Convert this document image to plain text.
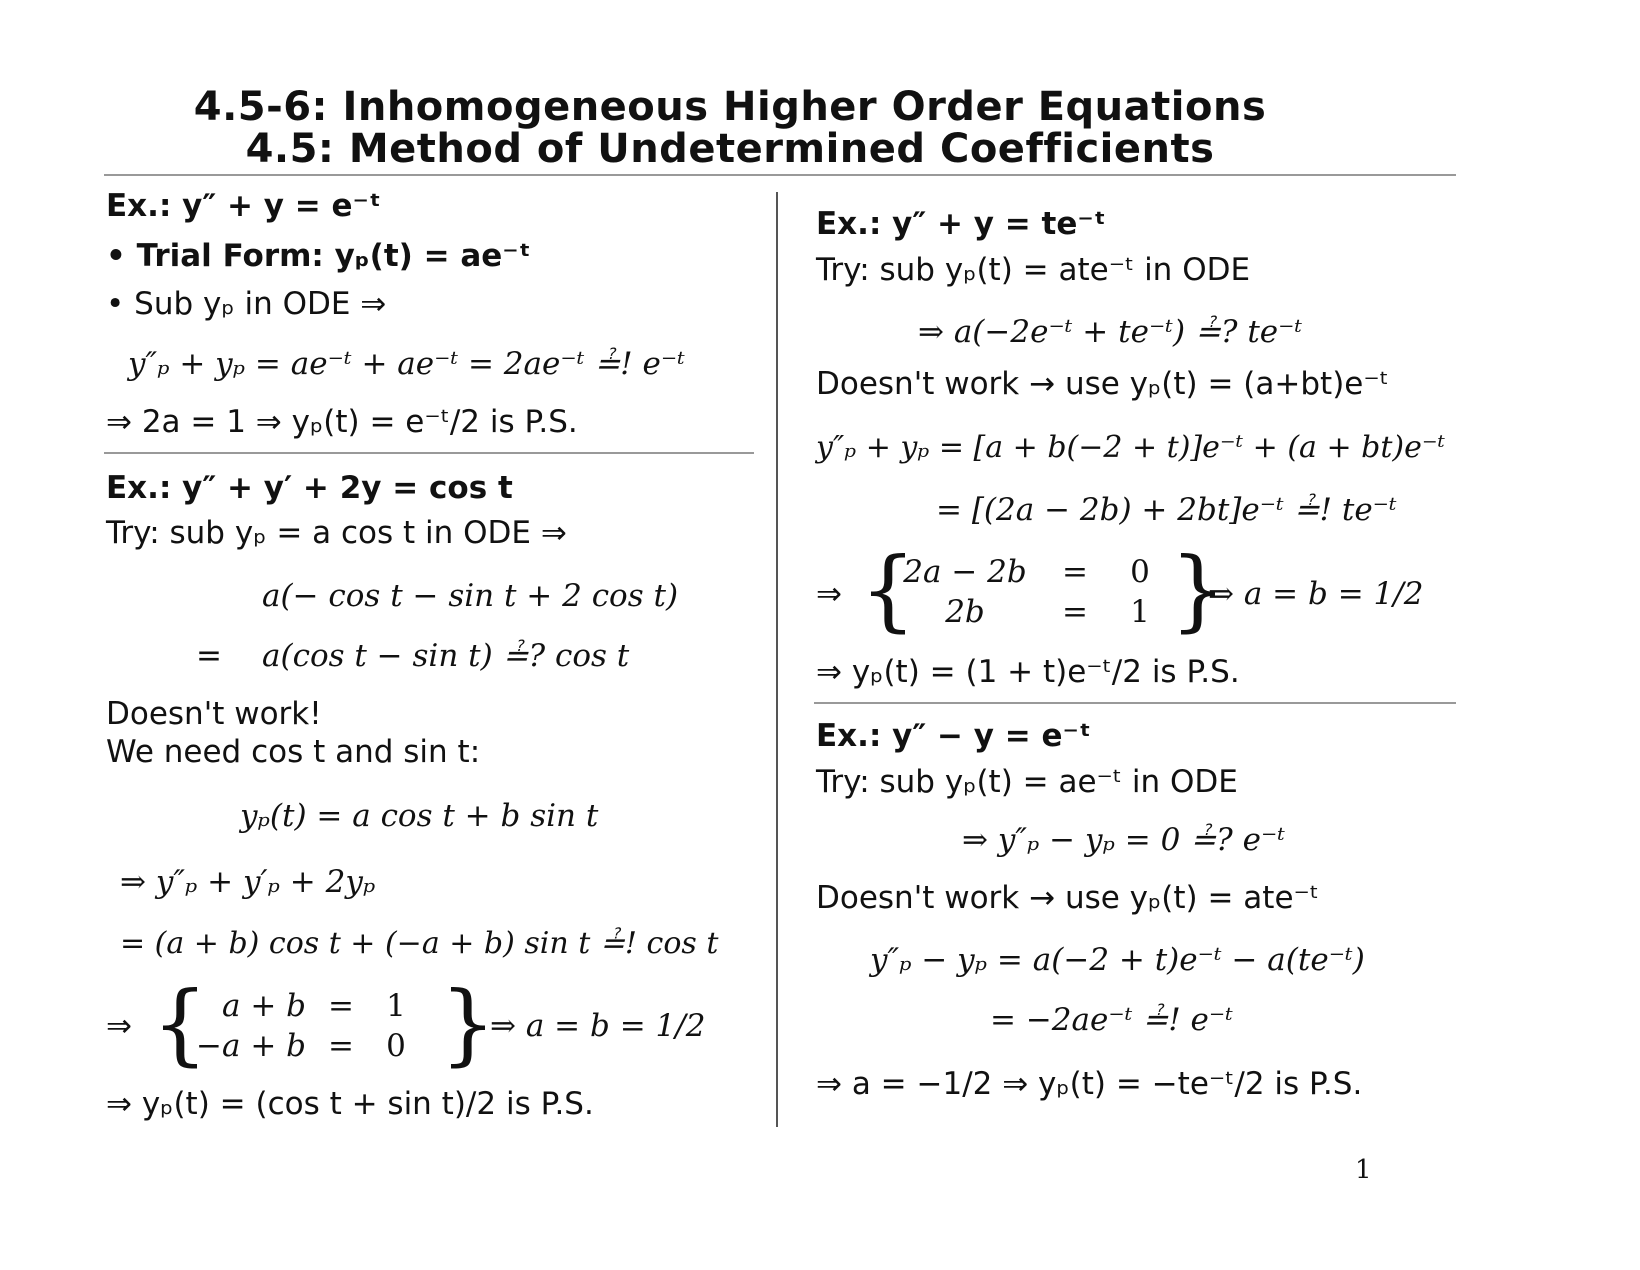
4.5-6: Inhomogeneous Higher Order Equations
4.5: Method of Undetermined Coefficients
Ex.: y″ + y = e⁻ᵗ
• Trial Form: yₚ(t) = ae⁻ᵗ
• Sub yₚ in ODE ⇒
y″ₚ + yₚ = ae⁻ᵗ + ae⁻ᵗ = 2ae⁻ᵗ ≟! e⁻ᵗ
⇒ 2a = 1 ⇒ yₚ(t) = e⁻ᵗ/2 is P.S.
Ex.: y″ + y′ + 2y = cos t
Try: sub yₚ = a cos t in ODE ⇒
a(− cos t − sin t + 2 cos t)
= a(cos t − sin t) ≟? cos t
Doesn't work!
We need cos t and sin t:
yₚ(t) = a cos t + b sin t
⇒ y″ₚ + y′ₚ + 2yₚ
= (a + b) cos t + (−a + b) sin t ≟! cos t
⇒ { a + b =	1
−a + b =	0 }
⇒ a = b = 1/2
⇒ yₚ(t) = (cos t + sin t)/2 is P.S.
Ex.: y″ + y = te⁻ᵗ
Try: sub yₚ(t) = ate⁻ᵗ in ODE
⇒ a(−2e⁻ᵗ + te⁻ᵗ) ≟? te⁻ᵗ
Doesn't work → use yₚ(t) = (a+bt)e⁻ᵗ
y″ₚ + yₚ = [a + b(−2 + t)]e⁻ᵗ + (a + bt)e⁻ᵗ
= [(2a − 2b) + 2bt]e⁻ᵗ ≟! te⁻ᵗ
⇒ {
2a − 2b	=	0
2b	=	1 }
⇒ a = b = 1/2
⇒ yₚ(t) = (1 + t)e⁻ᵗ/2 is P.S.
Ex.: y″ − y = e⁻ᵗ
Try: sub yₚ(t) = ae⁻ᵗ in ODE
⇒ y″ₚ − yₚ = 0 ≟? e⁻ᵗ
Doesn't work → use yₚ(t) = ate⁻ᵗ
y″ₚ − yₚ = a(−2 + t)e⁻ᵗ − a(te⁻ᵗ)
= −2ae⁻ᵗ ≟! e⁻ᵗ
⇒ a = −1/2 ⇒ yₚ(t) = −te⁻ᵗ/2 is P.S.
1
